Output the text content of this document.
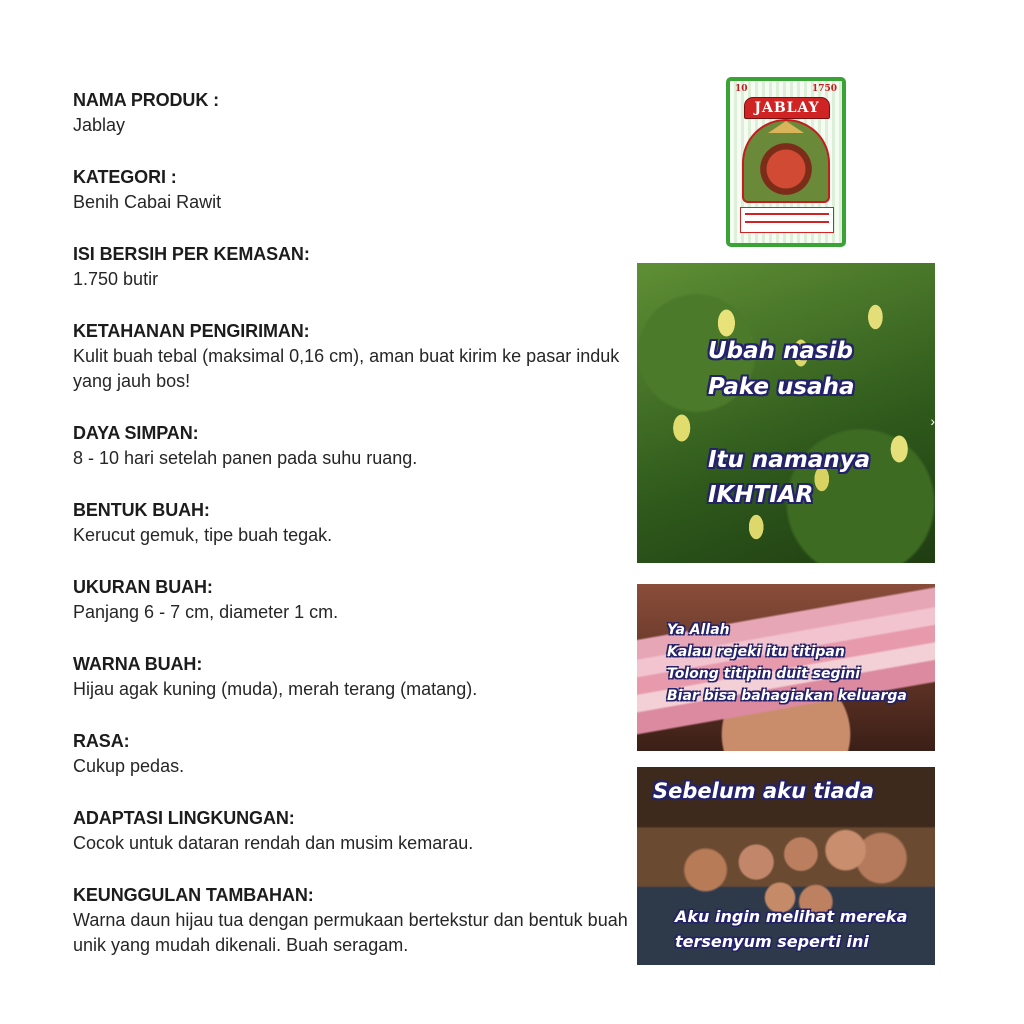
NAMA PRODUK :
Jablay
KATEGORI :
Benih Cabai Rawit
ISI BERSIH PER KEMASAN:
1.750 butir
KETAHANAN PENGIRIMAN:
Kulit buah tebal (maksimal 0,16 cm), aman buat kirim ke pasar induk yang jauh bos!
DAYA SIMPAN:
8 - 10 hari setelah panen pada suhu ruang.
BENTUK BUAH:
Kerucut gemuk, tipe buah tegak.
UKURAN BUAH:
Panjang 6 - 7 cm, diameter 1 cm.
WARNA BUAH:
Hijau agak kuning (muda), merah terang (matang).
RASA:
Cukup pedas.
ADAPTASI LINGKUNGAN:
Cocok untuk dataran rendah dan musim kemarau.
KEUNGGULAN TAMBAHAN:
Warna daun hijau tua dengan permukaan bertekstur dan bentuk buah unik yang mudah dikenali. Buah seragam.
10	1750
JABLAY
Ubah nasib
Pake usaha
Itu namanya
IKHTIAR
›
Ya Allah
Kalau rejeki itu titipan
Tolong titipin duit segini
Biar bisa bahagiakan keluarga
Sebelum aku tiada
Aku ingin melihat mereka
tersenyum seperti ini
